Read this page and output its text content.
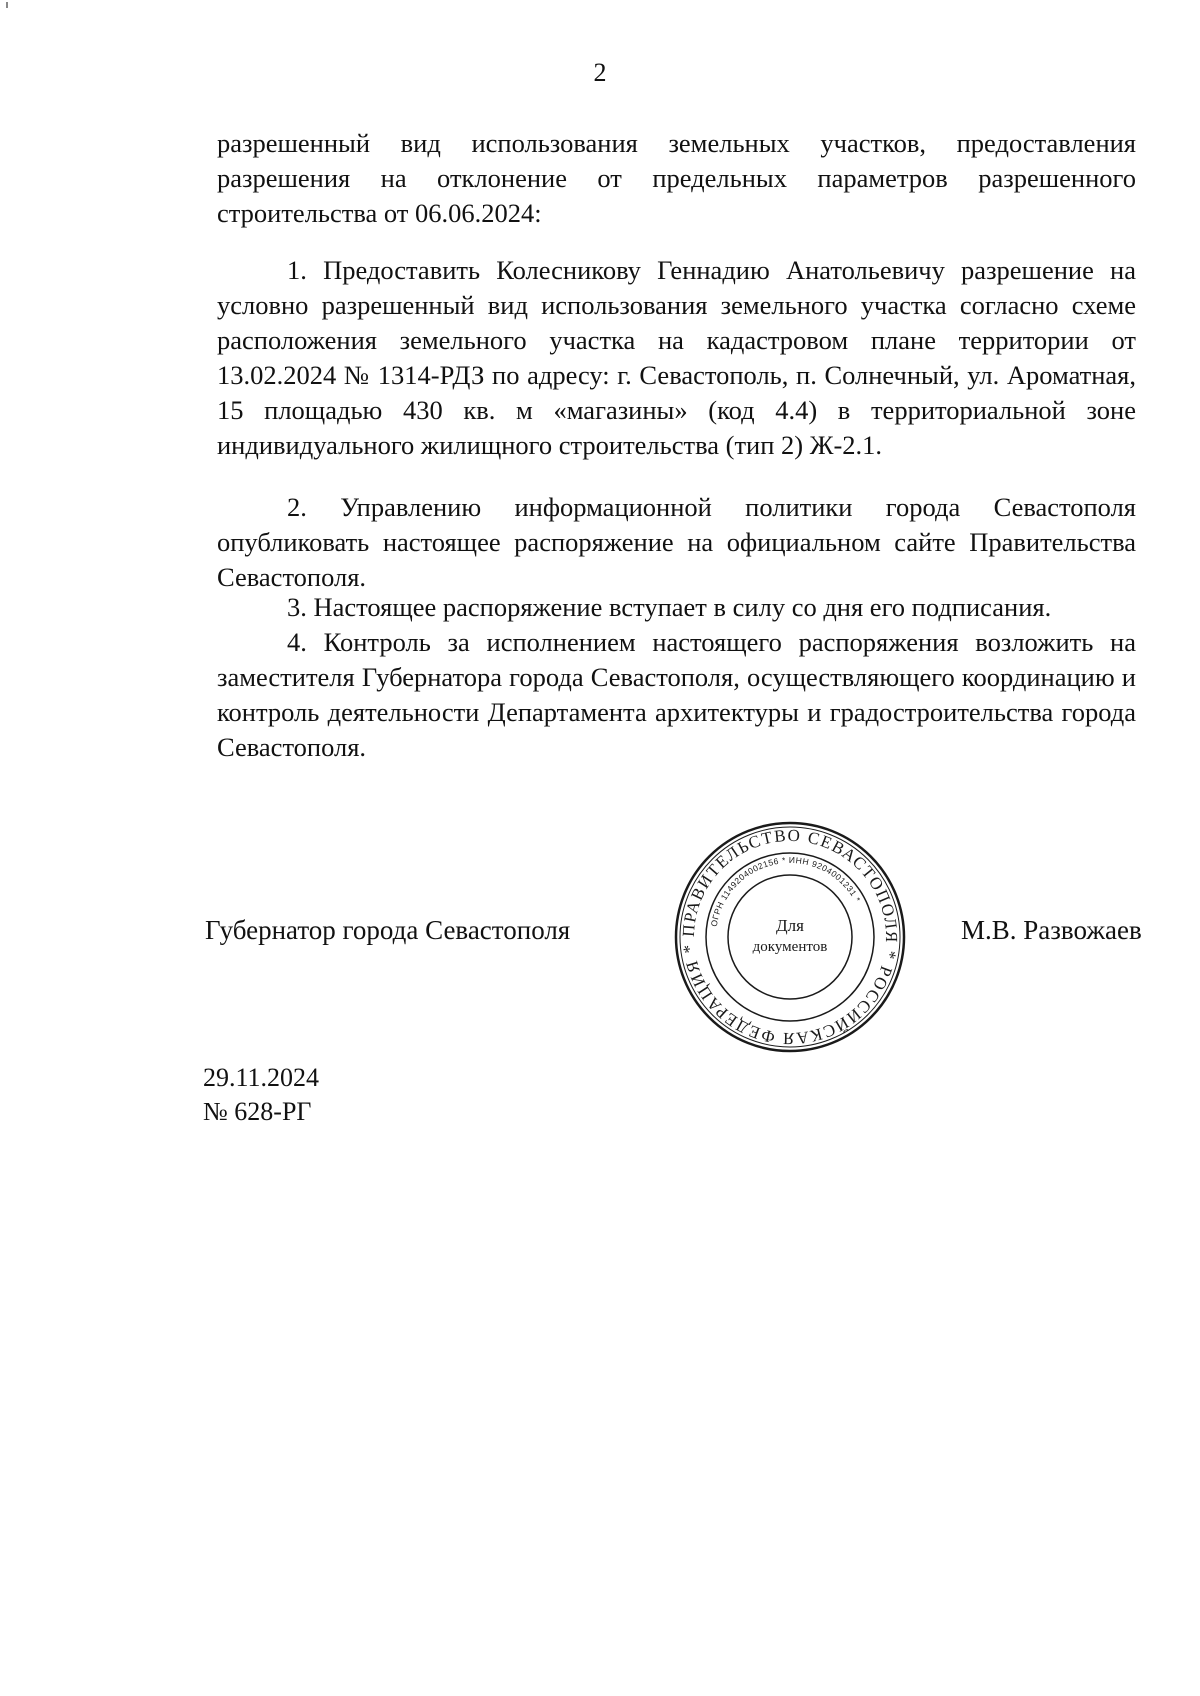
2

разрешенный вид использования земельных участков, предоставления разрешения на отклонение от предельных параметров разрешенного строительства от 06.06.2024:

1. Предоставить Колесникову Геннадию Анатольевичу разрешение на условно разрешенный вид использования земельного участка согласно схеме расположения земельного участка на кадастровом плане территории от 13.02.2024 № 1314-РДЗ по адресу: г. Севастополь, п. Солнечный, ул. Ароматная, 15 площадью 430 кв. м «магазины» (код 4.4) в территориальной зоне индивидуального жилищного строительства (тип 2) Ж-2.1.

2. Управлению информационной политики города Севастополя опубликовать настоящее распоряжение на официальном сайте Правительства Севастополя.

3. Настоящее распоряжение вступает в силу со дня его подписания.

4. Контроль за исполнением настоящего распоряжения возложить на заместителя Губернатора города Севастополя, осуществляющего координацию и контроль деятельности Департамента архитектуры и градостроительства города Севастополя.

Губернатор города Севастополя	ПРАВИТЕЛЬСТВО СЕВАСТОПОЛЯ * РОССИЙСКАЯ ФЕДЕРАЦИЯ *
ОГРН 1149204002156 * ИНН 9204001231 *
Для
документов
М.В. Развожаев
29.11.2024
№ 628-РГ
